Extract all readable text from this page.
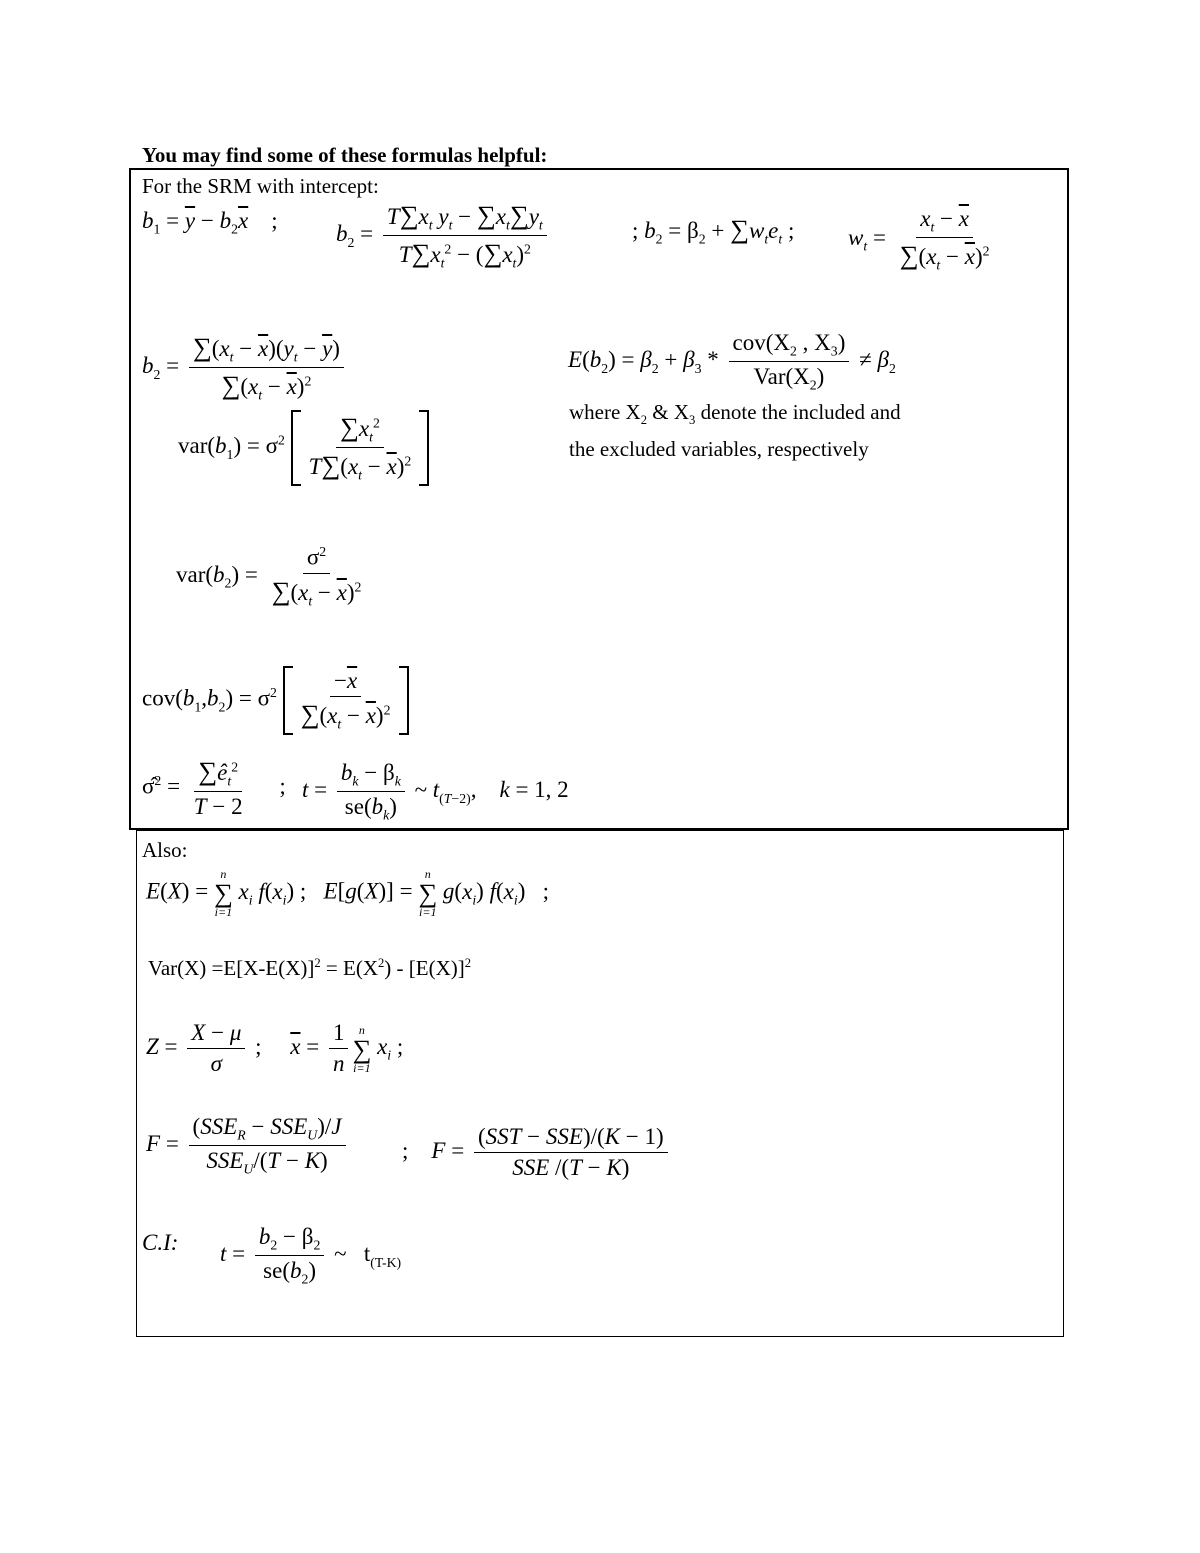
You may find some of these formulas helpful:
For the SRM with intercept:
$b_1 = \overline{y} - b_2\overline{x}$    ;
$b_2 = \frac{T\sum x_t y_t - \sum x_t\sum y_t}{T\sum x_t^2 - (\sum x_t)^2}$	; $b_2 = \beta_2 + \sum w_te_t$ ; $w_t = \frac{x_t - \overline{x}}{\sum(x_t - \overline{x})^2}$
$b_2 = \frac{\sum(x_t - \overline{x})(y_t - \overline{y})}{\sum(x_t - \overline{x})^2}$
$var(b_1) = \sigma^2 \frac{\sum x_t^2}{T\sum(x_t - \overline{x})^2}$
$E(b_2) = \beta_2 + \beta_3 * \frac{cov(X_2 , X_3)}{Var(X_2)} \ne \beta_2$
where $X_2$ & $X_3$ denote the included and
the excluded variables, respectively
$var(b_2) = \frac{\sigma^2}{\sum(x_t - \overline{x})^2}$
$cov(b_1,b_2) = \sigma^2 \frac{-\overline{x}}{\sum(x_t - \overline{x})^2}$
σ̂$^2$ = $\frac{\sum ê_t^2}{T - 2}$ ; $t = \frac{b_k - \beta_k}{se(b_k)}$ ~ $t_{(T-2)}$,    k = 1, 2
Also:
E(X) =
n
∑
i=1
$x_i$ $f(x_i)$ ;   E[g(X)] =
n
∑
i=1
$g(x_i)$ $f(x_i)$   ;
$Var(X) =E[X-E(X)]^2 = E(X^2) - [E(X)]^2$
$Z = \frac{X - \mu}{\sigma}$ ;     $\overline{x} = \frac{1}{n}$ n
∑
i=1
$x_i$ ;
$F = \frac{(SSE_R - SSE_U)/J}{SSE_U/(T - K)}$ ;    $F = \frac{\text{(SST − SSE)/(K − 1)}}{\text{SSE /(T − K)}}$
C.I: $t = \frac{b_2 - \beta_2}{se(b_2)}$ ~   $t_{(T-K)}$
